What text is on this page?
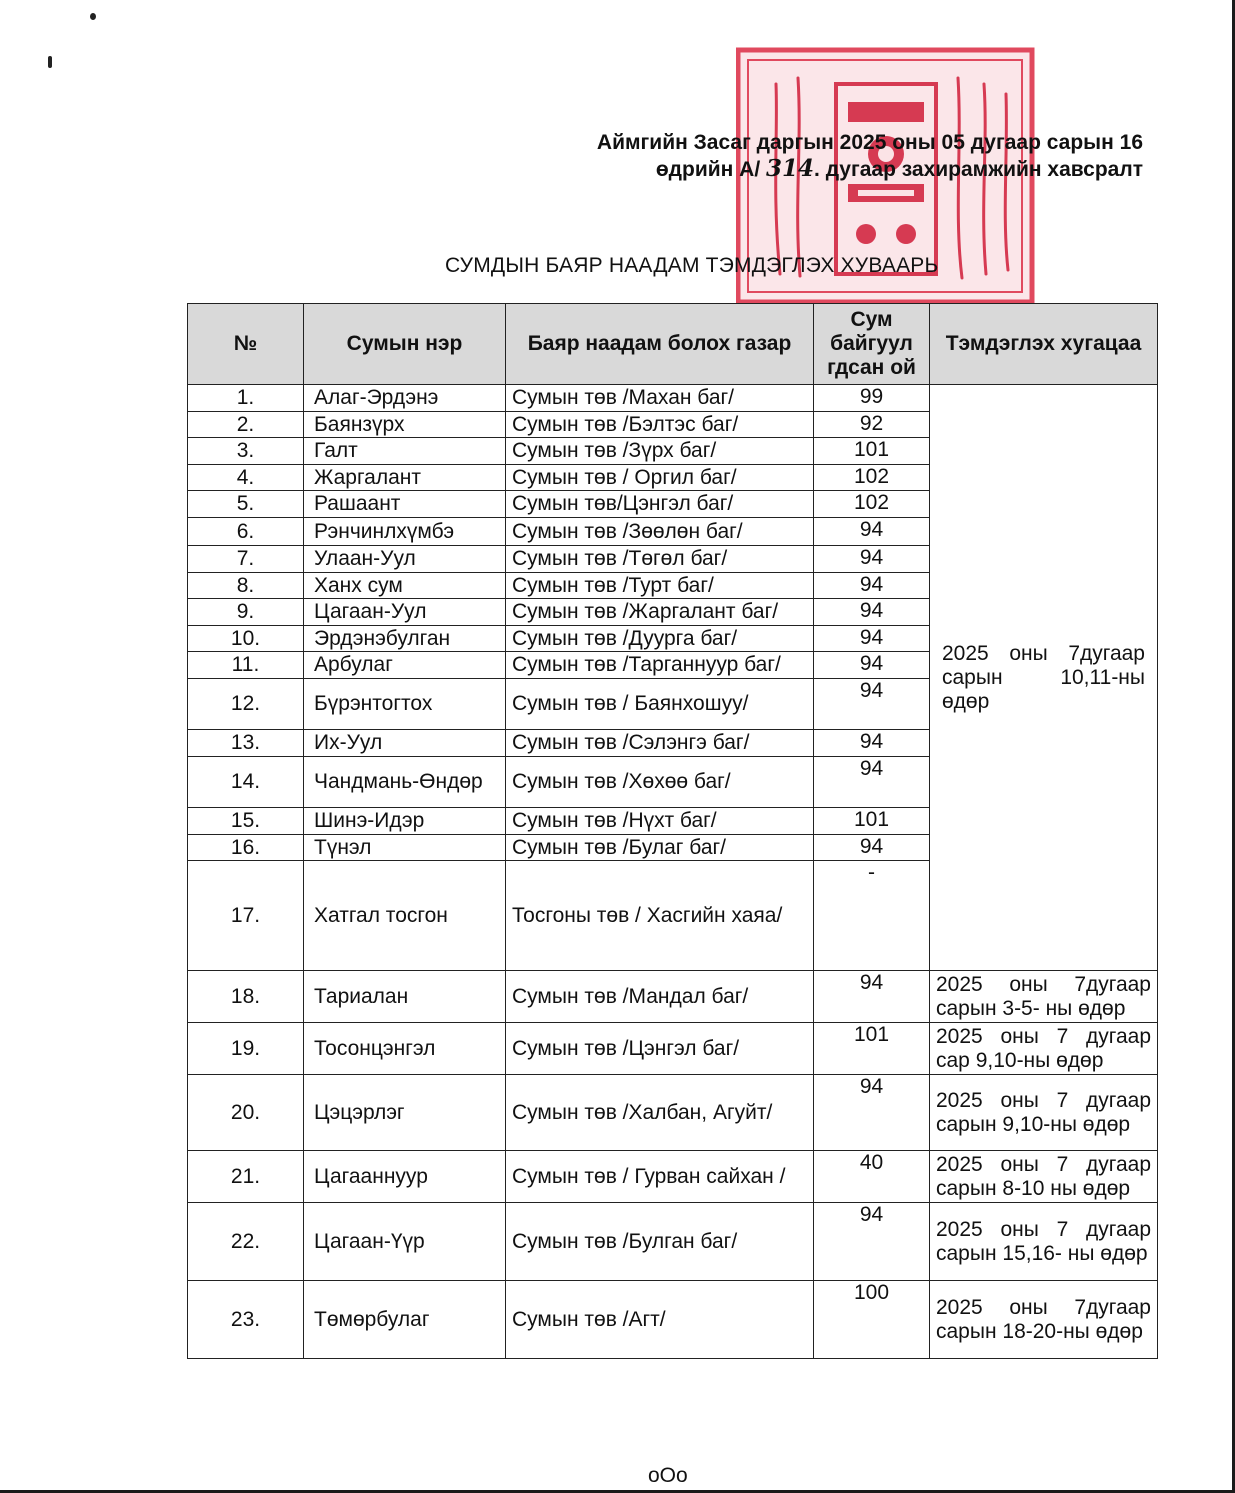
Аймгийн Засаг даргын 2025 оны 05 дугаар сарын 16
өдрийн А/ 314. дугаар захирамжийн хавсралт
СУМДЫН БАЯР НААДАМ ТЭМДЭГЛЭХ ХУВААРЬ
№	Сумын нэр	Баяр наадам болох газар	Сум байгуул гдсан ой	Тэмдэглэх хугацаа
1.	Алаг-Эрдэнэ	Сумын төв /Махан баг/	99	2025 оны 7дугаар сарын 10,11-ны өдөр
2.	Баянзүрх	Сумын төв /Бэлтэс баг/	92	
3.	Галт	Сумын төв /Зүрх баг/	101	
4.	Жаргалант	Сумын төв / Оргил баг/	102	
5.	Рашаант	Сумын төв/Цэнгэл баг/	102	
6.	Рэнчинлхүмбэ	Сумын төв /Зөөлөн баг/	94	
7.	Улаан-Уул	Сумын төв /Төгөл баг/	94	
8.	Ханх сум	Сумын төв /Турт баг/	94	
9.	Цагаан-Уул	Сумын төв /Жаргалант баг/	94	
10.	Эрдэнэбулган	Сумын төв /Дуурга баг/	94	
11.	Арбулаг	Сумын төв /Тарганнуур баг/	94	
12.	Бүрэнтогтох	Сумын төв / Баянхошуу/	94	
13.	Их-Уул	Сумын төв /Сэлэнгэ баг/	94	
14.	Чандмань-Өндөр	Сумын төв /Хөхөө баг/	94	
15.	Шинэ-Идэр	Сумын төв /Нүхт баг/	101	
16.	Түнэл	Сумын төв /Булаг баг/	94	
17.	Хатгал тосгон	Тосгоны төв / Хасгийн хаяа/	-	
18.	Тариалан	Сумын төв /Мандал баг/	94	2025 оны 7дугаар сарын 3-5- ны өдөр
19.	Тосонцэнгэл	Сумын төв /Цэнгэл баг/	101	2025 оны 7 дугаар сар 9,10-ны өдөр
20.	Цэцэрлэг	Сумын төв /Халбан, Агуйт/	94	2025 оны 7 дугаар сарын 9,10-ны өдөр
21.	Цагааннуур	Сумын төв / Гурван сайхан /	40	2025 оны 7 дугаар сарын 8-10 ны өдөр
22.	Цагаан-Үүр	Сумын төв /Булган баг/	94	2025 оны 7 дугаар сарын 15,16- ны өдөр
23.	Төмөрбулаг	Сумын төв /Агт/	100	2025 оны 7дугаар сарын 18-20-ны өдөр
oOo
